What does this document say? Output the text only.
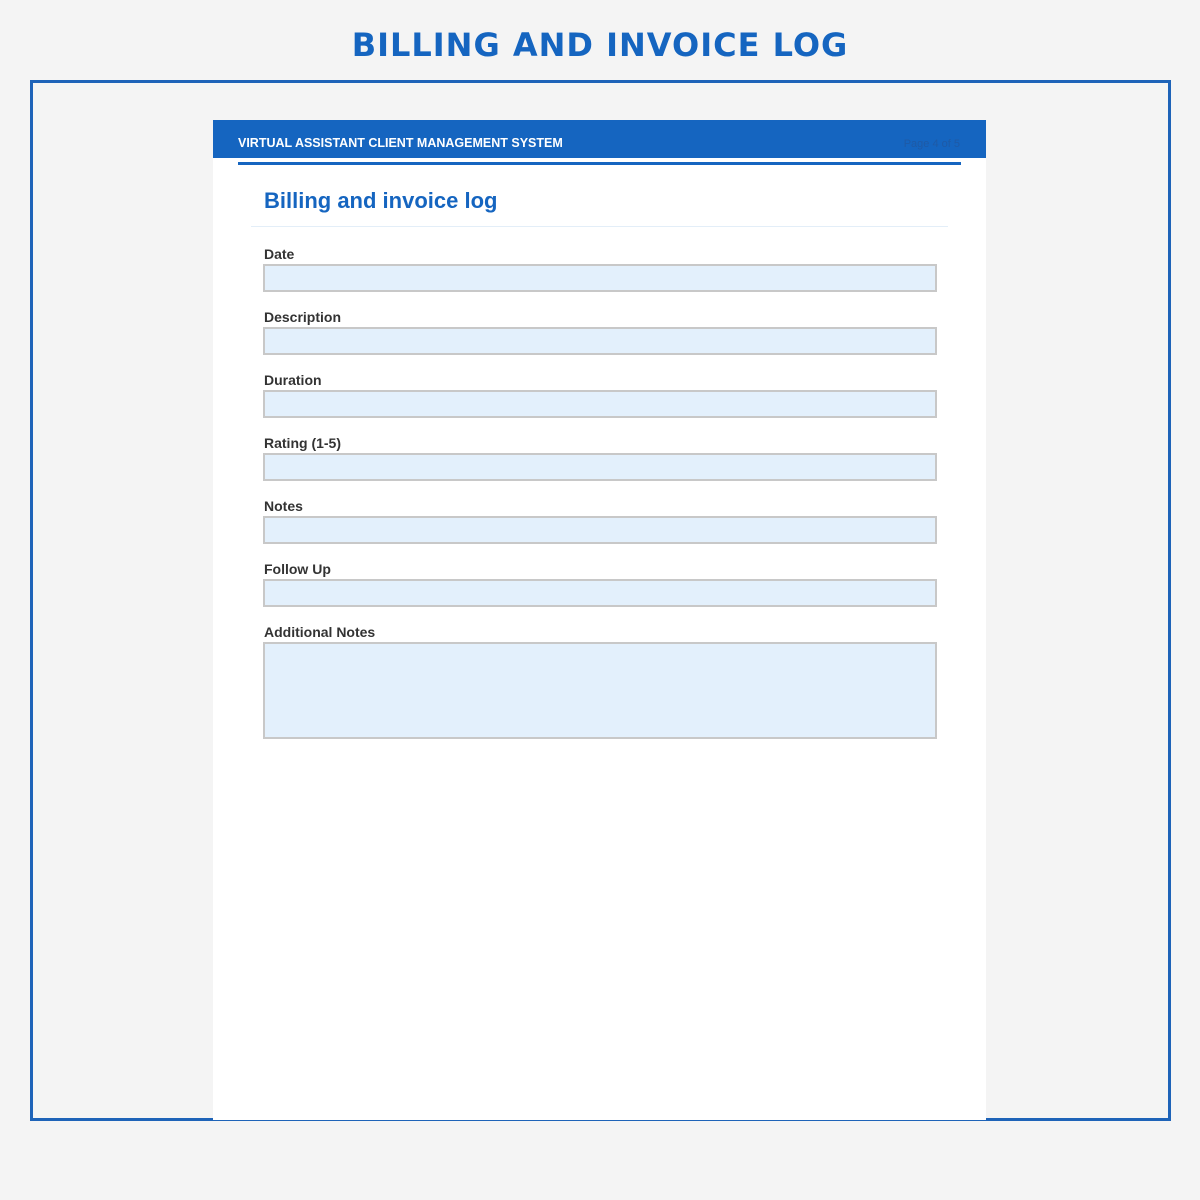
BILLING AND INVOICE LOG
VIRTUAL ASSISTANT CLIENT MANAGEMENT SYSTEM	Page 4 of 5
Billing and invoice log
Date
Description
Duration
Rating (1-5)
Notes
Follow Up
Additional Notes
